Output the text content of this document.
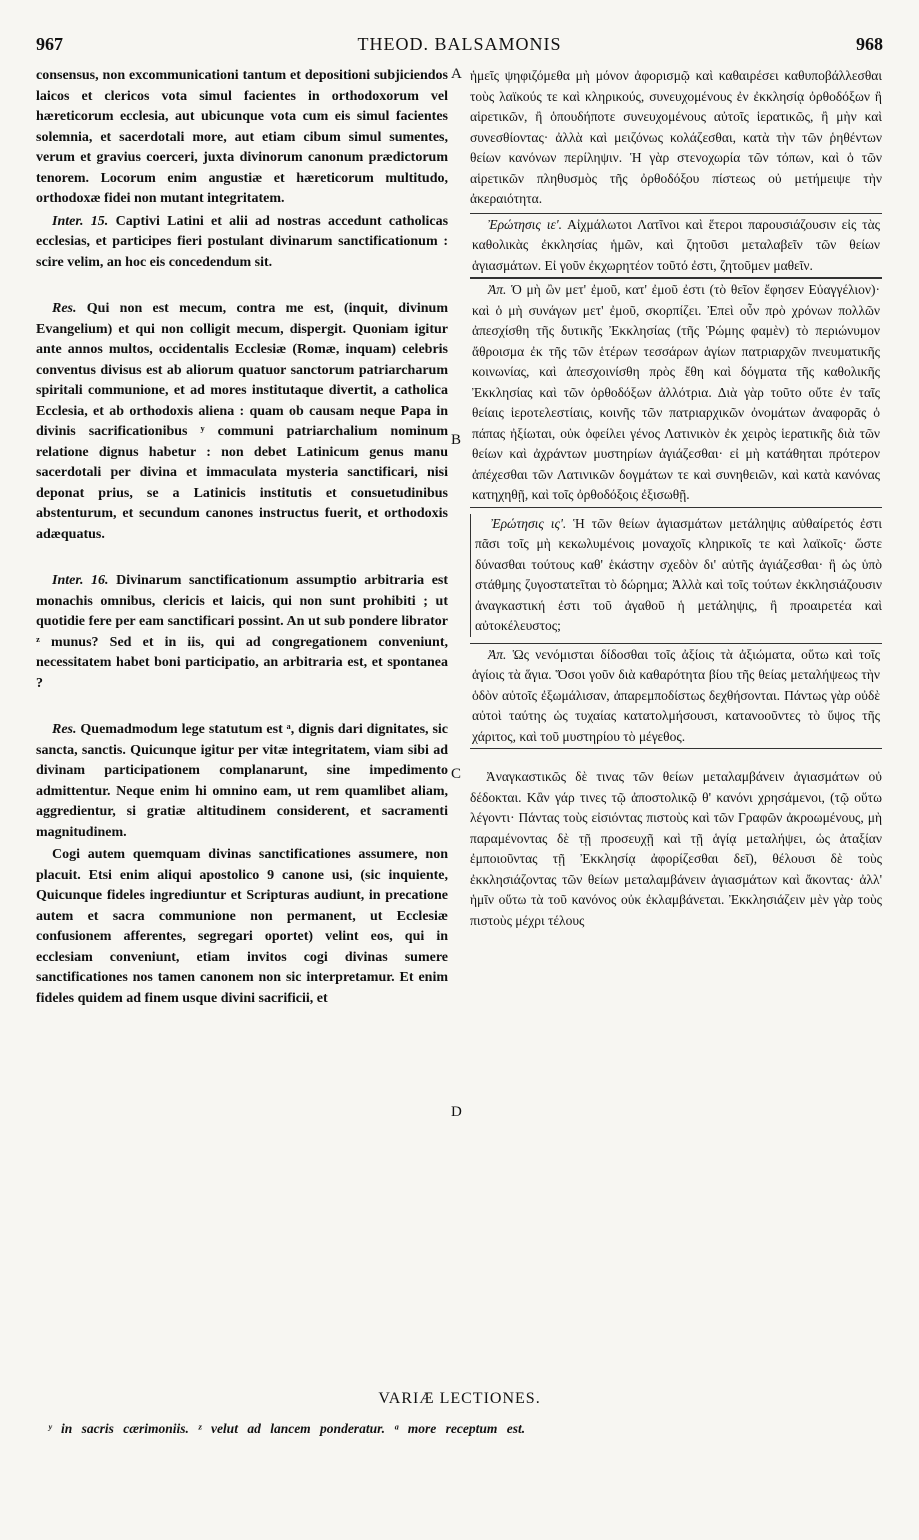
967	THEOD. BALSAMONIS	968

consensus, non excommunicationi tantum et depositioni subjiciendos laicos et clericos vota simul facientes in orthodoxorum vel hæreticorum ecclesia, aut ubicunque vota cum eis simul facientes solemnia, et sacerdotali more, aut etiam cibum simul sumentes, verum et gravius coerceri, juxta divinorum canonum prædictorum tenorem. Locorum enim angustiæ et hæreticorum multitudo, orthodoxæ fidei non mutant integritatem.

Inter. 15. Captivi Latini et alii ad nostras accedunt catholicas ecclesias, et participes fieri postulant divinarum sanctificationum : scire velim, an hoc eis concedendum sit.

Res. Qui non est mecum, contra me est, (inquit, divinum Evangelium) et qui non colligit mecum, dispergit. Quoniam igitur ante annos multos, occidentalis Ecclesiæ (Romæ, inquam) celebris conventus divisus est ab aliorum quatuor sanctorum patriarcharum spiritali communione, et ad mores institutaque divertit, a catholica Ecclesia, et ab orthodoxis aliena : quam ob causam neque Papa in divinis sacrificationibus ʸ communi patriarchalium nominum relatione dignus habetur : non debet Latinicum genus manu sacerdotali per divina et immaculata mysteria sanctificari, nisi deponat prius, se a Latinicis institutis et consuetudinibus abstenturum, et secundum canones instructus fuerit, et orthodoxis adæquatus.

Inter. 16. Divinarum sanctificationum assumptio arbitraria est monachis omnibus, clericis et laicis, qui non sunt prohibiti ; ut quotidie fere per eam sanctificari possint. An ut sub pondere librator ᶻ munus? Sed et in iis, qui ad congregationem conveniunt, necessitatem habet boni participatio, an arbitraria est, et spontanea ?

Res. Quemadmodum lege statutum est ᵃ, dignis dari dignitates, sic sancta, sanctis. Quicunque igitur per vitæ integritatem, viam sibi ad divinam participationem complanarunt, sine impedimento admittentur. Neque enim hi omnino eam, ut rem quamlibet aliam, aggredientur, si gratiæ altitudinem considerent, et sacramenti magnitudinem.

Cogi autem quemquam divinas sanctificationes assumere, non placuit. Etsi enim aliqui apostolico 9 canone usi, (sic inquiente, Quicunque fideles ingrediuntur et Scripturas audiunt, in precatione autem et sacra communione non permanent, ut Ecclesiæ confusionem afferentes, segregari oportet) velint eos, qui in ecclesiam conveniunt, etiam invitos cogi divinas sumere sanctificationes nos tamen canonem non sic interpretamur. Et enim fideles quidem ad finem usque divini sacrificii, et

A
B
C
D

ἡμεῖς ψηφιζόμεθα μὴ μόνον ἀφορισμῷ καὶ καθαιρέσει καθυποβάλλεσθαι τοὺς λαϊκούς τε καὶ κληρικούς, συνευχομένους ἐν ἐκκλησίᾳ ὀρθοδόξων ἢ αἱρετικῶν, ἢ ὁπουδήποτε συνευχομένους αὐτοῖς ἱερατικῶς, ἢ μὴν καὶ συνεσθίοντας· ἀλλὰ καὶ μειζόνως κολάζεσθαι, κατὰ τὴν τῶν ῥηθέντων θείων κανόνων περίληψιν. Ἡ γὰρ στενοχωρία τῶν τόπων, καὶ ὁ τῶν αἱρετικῶν πληθυσμὸς τῆς ὀρθοδόξου πίστεως οὐ μετήμειψε τὴν ἀκεραιότητα.

Ἐρώτησις ιε'. Αἰχμάλωτοι Λατῖνοι καὶ ἕτεροι παρουσιάζουσιν εἰς τὰς καθολικὰς ἐκκλησίας ἡμῶν, καὶ ζητοῦσι μεταλαβεῖν τῶν θείων ἁγιασμάτων. Εἰ γοῦν ἐκχωρητέον τοῦτό ἐστι, ζητοῦμεν μαθεῖν.

Ἀπ. Ὁ μὴ ὢν μετ' ἐμοῦ, κατ' ἐμοῦ ἐστι (τὸ θεῖον ἔφησεν Εὐαγγέλιον)· καὶ ὁ μὴ συνάγων μετ' ἐμοῦ, σκορπίζει. Ἐπεὶ οὖν πρὸ χρόνων πολλῶν ἀπεσχίσθη τῆς δυτικῆς Ἐκκλησίας (τῆς Ῥώμης φαμὲν) τὸ περιώνυμον ἄθροισμα ἐκ τῆς τῶν ἑτέρων τεσσάρων ἁγίων πατριαρχῶν πνευματικῆς κοινωνίας, καὶ ἀπεσχοινίσθη πρὸς ἔθη καὶ δόγματα τῆς καθολικῆς Ἐκκλησίας καὶ τῶν ὀρθοδόξων ἀλλότρια. Διὰ γὰρ τοῦτο οὔτε ἐν ταῖς θείαις ἱεροτελεστίαις, κοινῆς τῶν πατριαρχικῶν ὀνομάτων ἀναφορᾶς ὁ πάπας ἠξίωται, οὐκ ὀφείλει γένος Λατινικὸν ἐκ χειρὸς ἱερατικῆς διὰ τῶν θείων καὶ ἀχράντων μυστηρίων ἁγιάζεσθαι· εἰ μὴ κατάθηται πρότερον ἀπέχεσθαι τῶν Λατινικῶν δογμάτων τε καὶ συνηθειῶν, καὶ κατὰ κανόνας κατηχηθῇ, καὶ τοῖς ὀρθοδόξοις ἐξισωθῇ.

Ἐρώτησις ις'. Ἡ τῶν θείων ἁγιασμάτων μετάληψις αὐθαίρετός ἐστι πᾶσι τοῖς μὴ κεκωλυμένοις μοναχοῖς κληρικοῖς τε καὶ λαϊκοῖς· ὥστε δύνασθαι τούτους καθ' ἑκάστην σχεδὸν δι' αὐτῆς ἁγιάζεσθαι· ἢ ὡς ὑπὸ στάθμης ζυγοστατεῖται τὸ δώρημα; Ἀλλὰ καὶ τοῖς τούτων ἐκκλησιάζουσιν ἀναγκαστική ἐστι τοῦ ἀγαθοῦ ἡ μετάληψις, ἢ προαιρετέα καὶ αὐτοκέλευστος;

Ἀπ. Ὡς νενόμισται δίδοσθαι τοῖς ἀξίοις τὰ ἀξιώματα, οὕτω καὶ τοῖς ἁγίοις τὰ ἅγια. Ὅσοι γοῦν διὰ καθαρότητα βίου τῆς θείας μεταλήψεως τὴν ὁδὸν αὐτοῖς ἐξωμάλισαν, ἀπαρεμποδίστως δεχθήσονται. Πάντως γὰρ οὐδὲ αὐτοὶ ταύτης ὡς τυχαίας κατατολμήσουσι, κατανοοῦντες τὸ ὕψος τῆς χάριτος, καὶ τοῦ μυστηρίου τὸ μέγεθος.

Ἀναγκαστικῶς δὲ τινας τῶν θείων μεταλαμβάνειν ἁγιασμάτων οὐ δέδοκται. Κἂν γάρ τινες τῷ ἀποστολικῷ θ' κανόνι χρησάμενοι, (τῷ οὕτω λέγοντι· Πάντας τοὺς εἰσιόντας πιστοὺς καὶ τῶν Γραφῶν ἀκροωμένους, μὴ παραμένοντας δὲ τῇ προσευχῇ καὶ τῇ ἁγίᾳ μεταλήψει, ὡς ἀταξίαν ἐμποιοῦντας τῇ Ἐκκλησίᾳ ἀφορίζεσθαι δεῖ), θέλουσι δὲ τοὺς ἐκκλησιάζοντας τῶν θείων μεταλαμβάνειν ἁγιασμάτων καὶ ἄκοντας· ἀλλ' ἡμῖν οὕτω τὰ τοῦ κανόνος οὐκ ἐκλαμβάνεται. Ἐκκλησιάζειν μὲν γὰρ τοὺς πιστοὺς μέχρι τέλους

VARIÆ LECTIONES.
ʸ in sacris cærimoniis. ᶻ velut ad lancem ponderatur. ᵃ more receptum est.
